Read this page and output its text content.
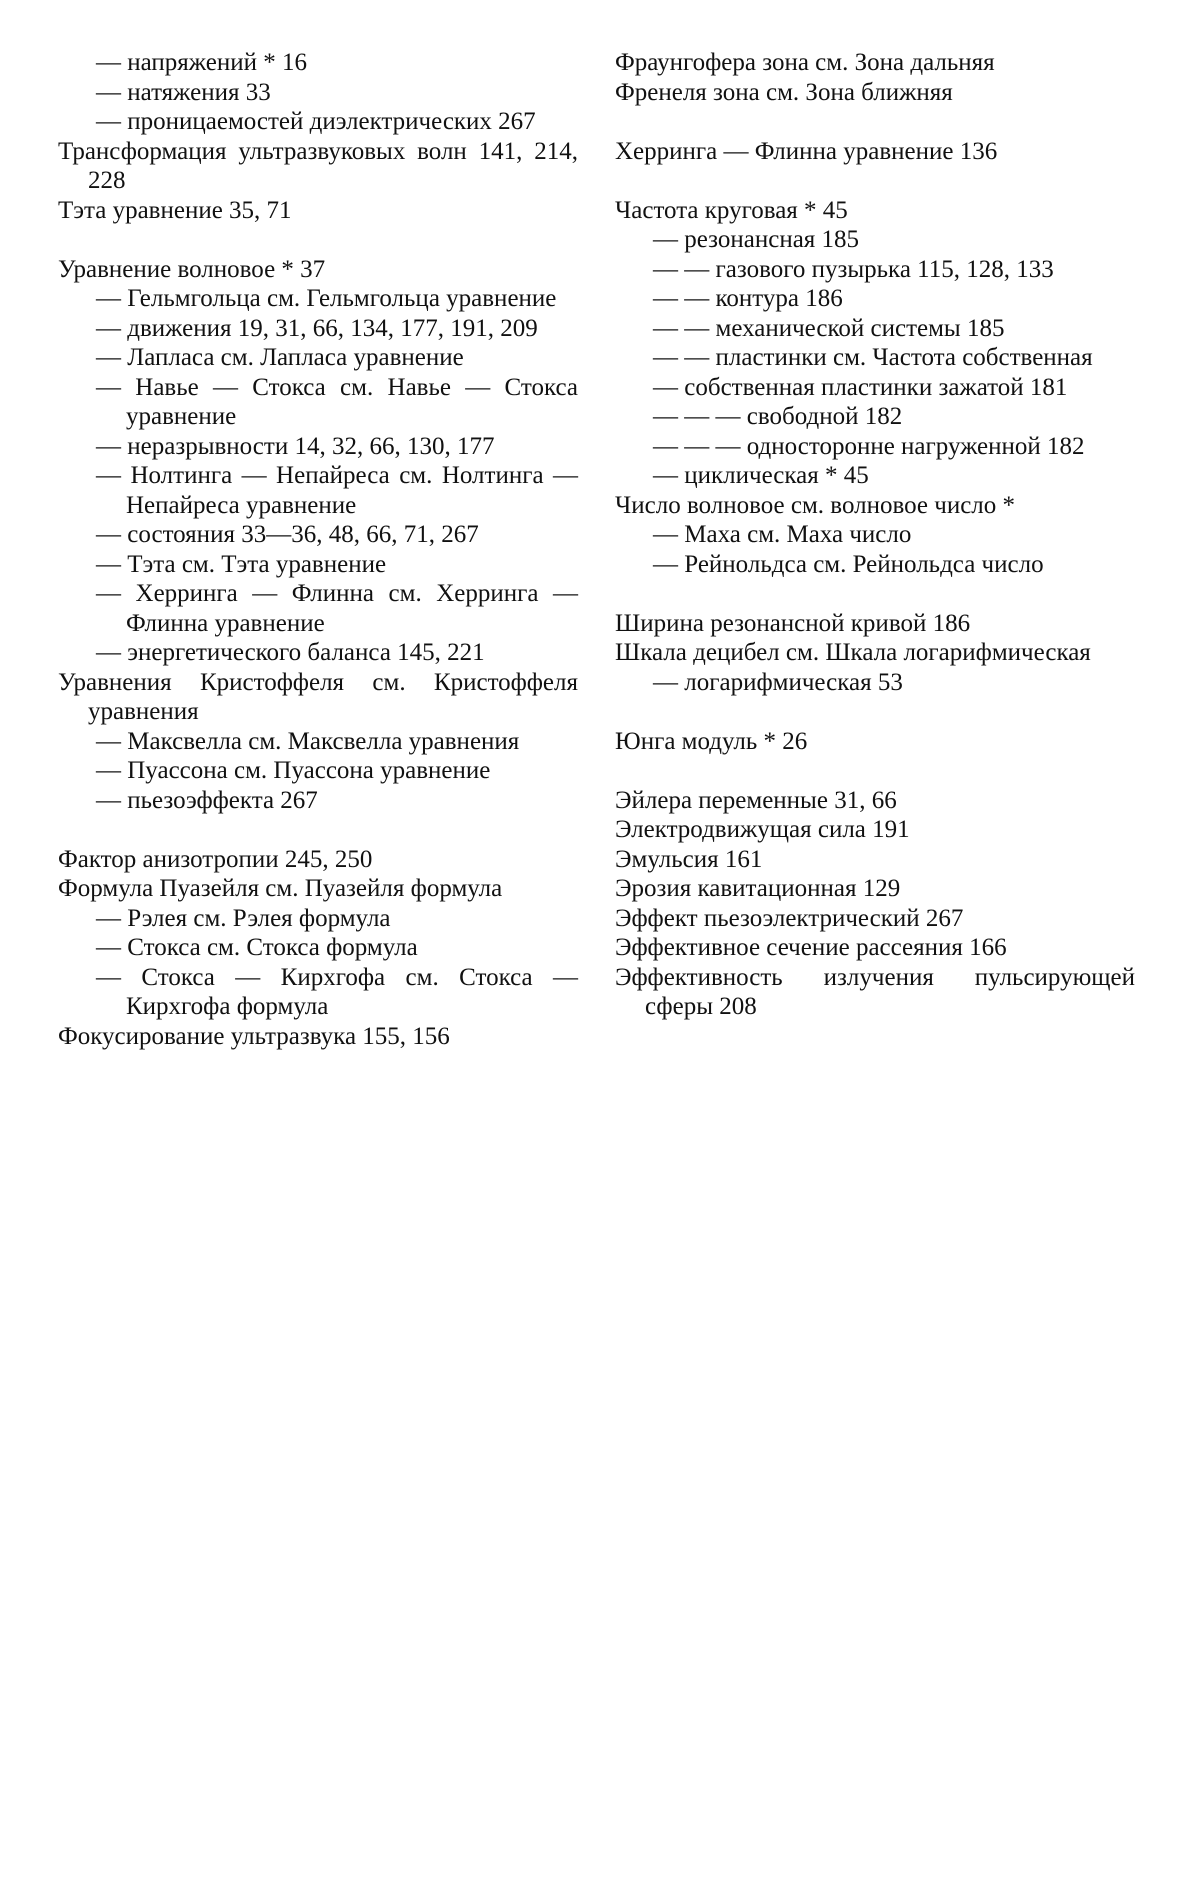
— напряжений * 16

— натяжения 33

— проницаемостей диэлектрических 267

Трансформация ультразвуковых волн 141, 214, 228

Тэта уравнение 35, 71

Уравнение волновое * 37

— Гельмгольца см. Гельмгольца уравнение

— движения 19, 31, 66, 134, 177, 191, 209

— Лапласа см. Лапласа уравнение

— Навье — Стокса см. Навье — Стокса уравнение

— неразрывности 14, 32, 66, 130, 177

— Нолтинга — Непайреса см. Нолтинга — Непайреса уравнение

— состояния 33—36, 48, 66, 71, 267

— Тэта см. Тэта уравнение

— Херринга — Флинна см. Херринга — Флинна уравнение

— энергетического баланса 145, 221

Уравнения Кристоффеля см. Кристоффеля уравнения

— Максвелла см. Максвелла уравнения

— Пуассона см. Пуассона уравнение

— пьезоэффекта 267

Фактор анизотропии 245, 250

Формула Пуазейля см. Пуазейля формула

— Рэлея см. Рэлея формула

— Стокса см. Стокса формула

— Стокса — Кирхгофа см. Стокса — Кирхгофа формула

Фокусирование ультразвука 155, 156

Фраунгофера зона см. Зона дальняя

Френеля зона см. Зона ближняя

Херринга — Флинна уравнение 136

Частота круговая * 45

— резонансная 185

— — газового пузырька 115, 128, 133

— — контура 186

— — механической системы 185

— — пластинки см. Частота собственная

— собственная пластинки зажатой 181

— — — свободной 182

— — — односторонне нагруженной 182

— циклическая * 45

Число волновое см. волновое число *

— Маха см. Маха число

— Рейнольдса см. Рейнольдса число

Ширина резонансной кривой 186

Шкала децибел см. Шкала логарифмическая

— логарифмическая 53

Юнга модуль * 26

Эйлера переменные 31, 66

Электродвижущая сила 191

Эмульсия 161

Эрозия кавитационная 129

Эффект пьезоэлектрический 267

Эффективное сечение рассеяния 166

Эффективность излучения пульсирующей сферы 208
